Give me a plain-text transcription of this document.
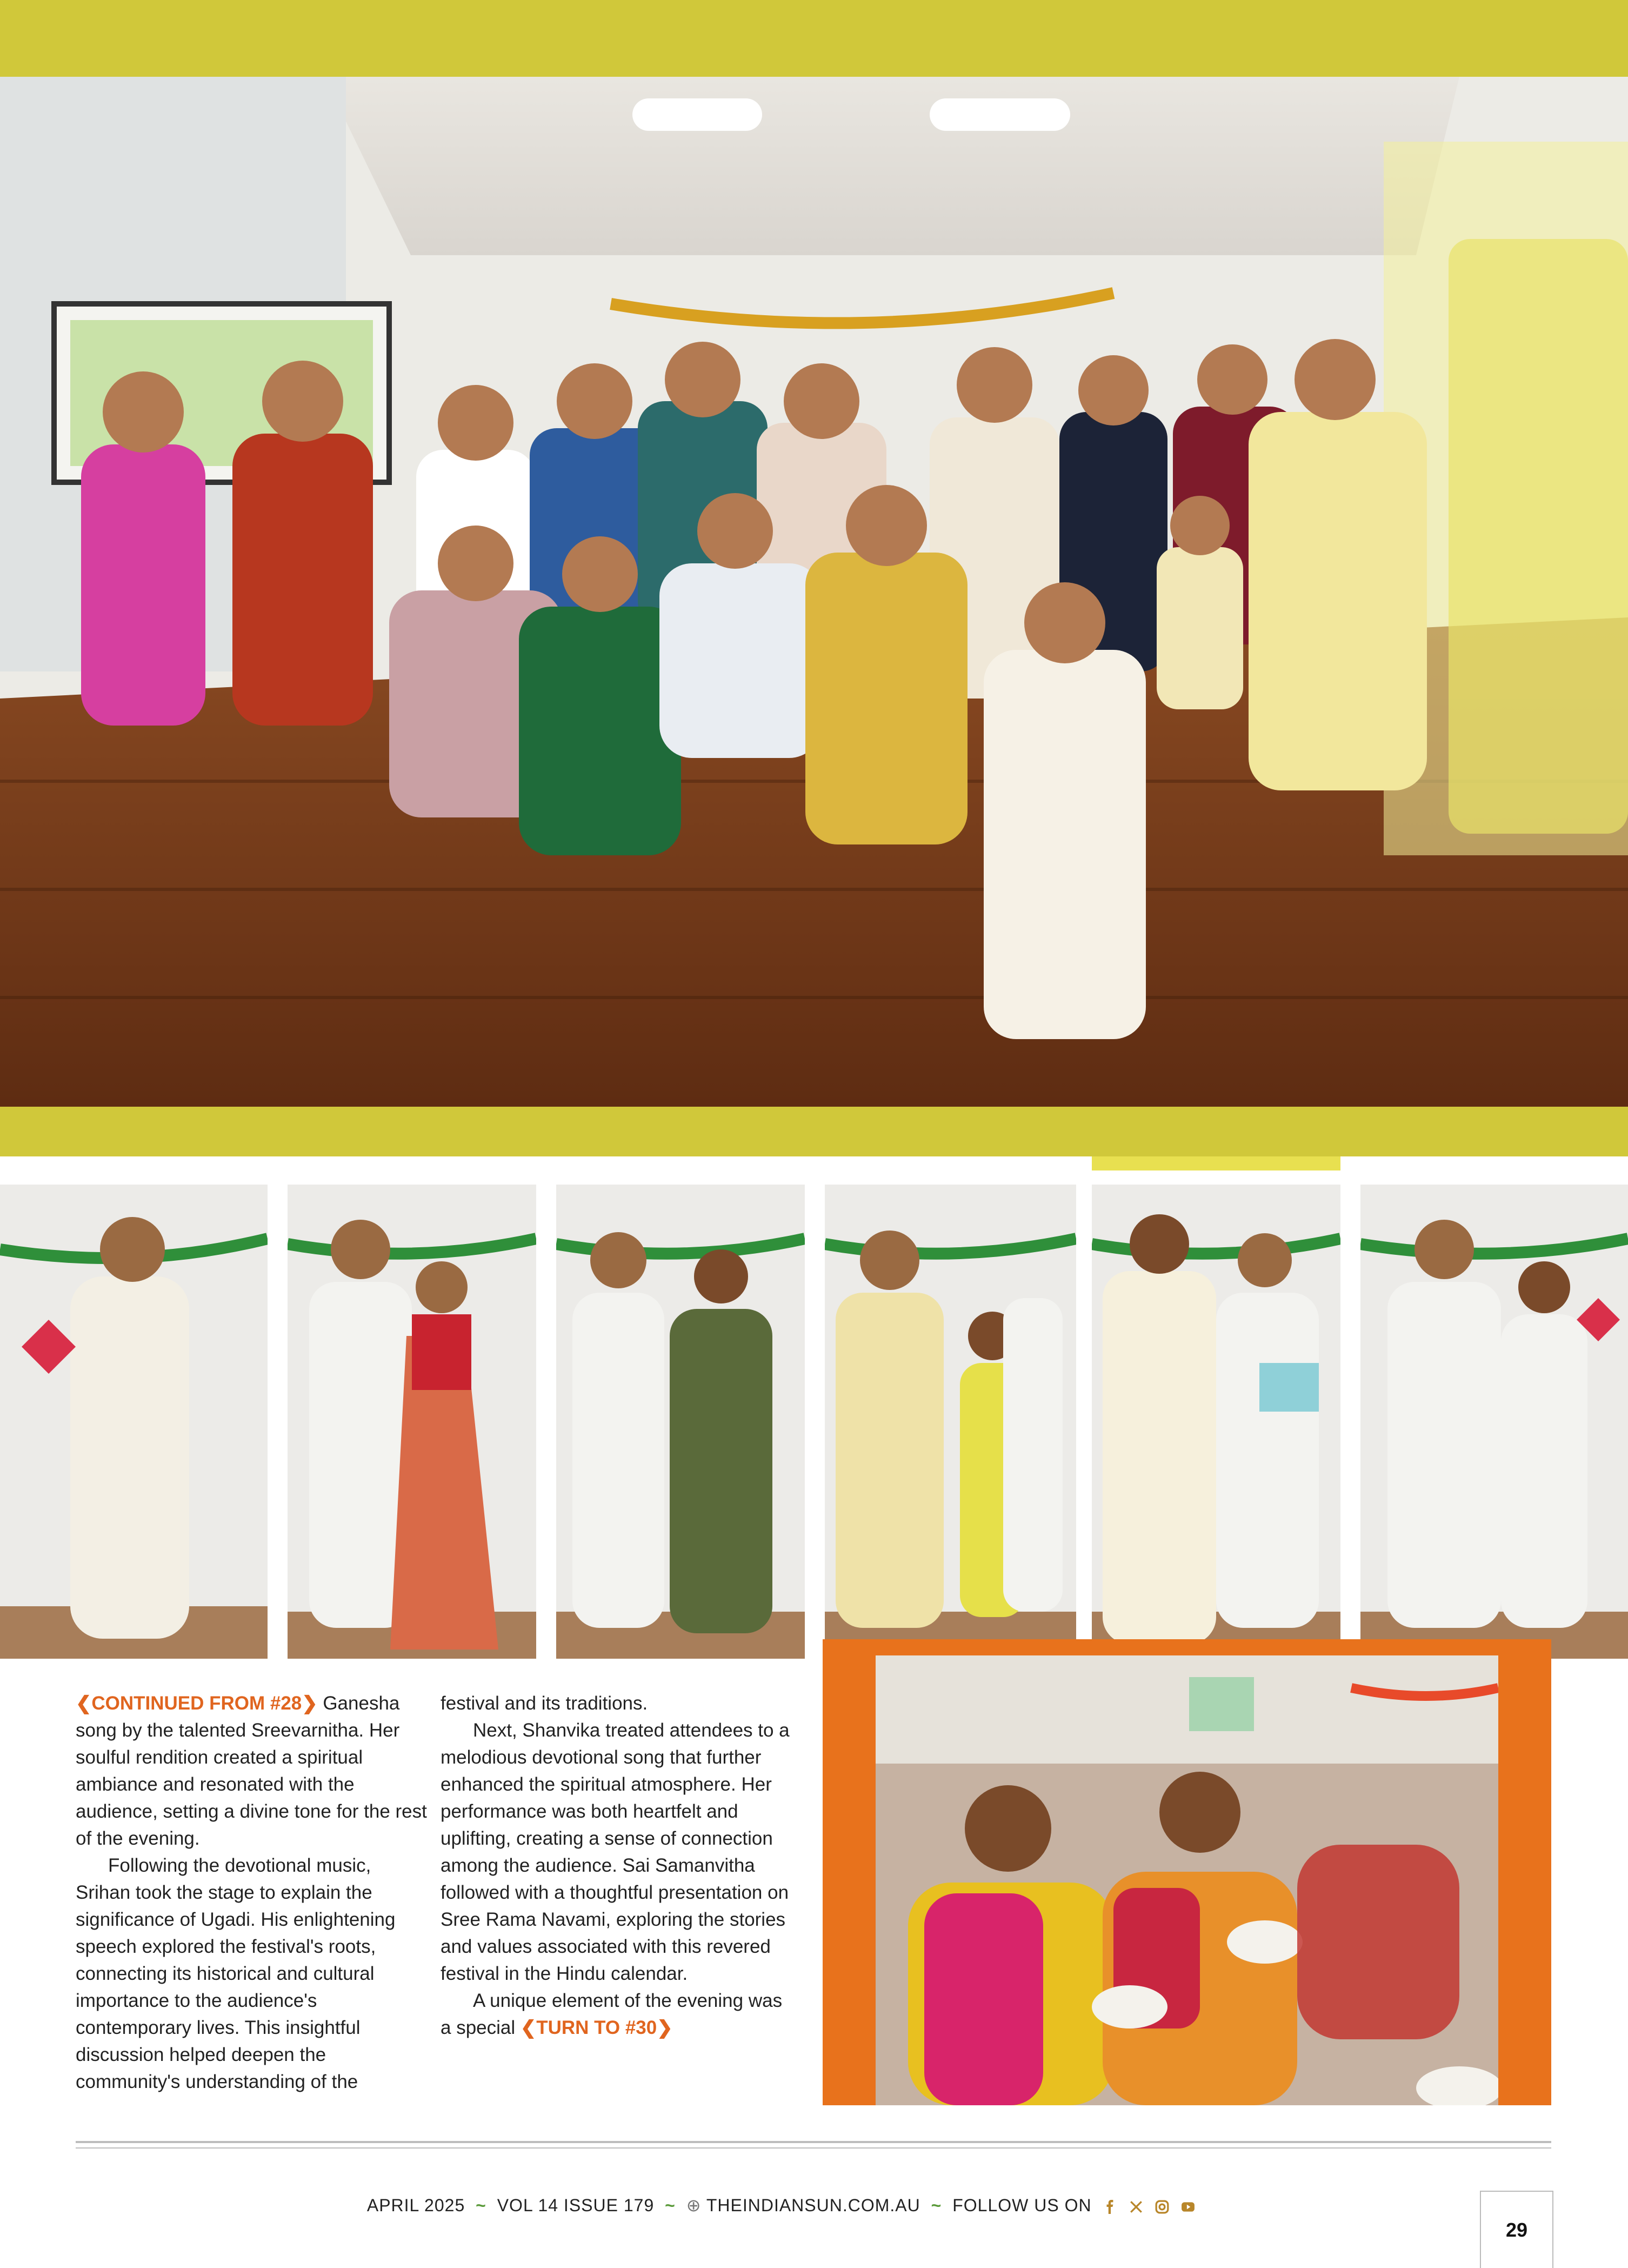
❮CONTINUED FROM #28❯ Ganesha song by the talented Sreevarnitha. Her soulful rendition created a spiritual ambiance and resonated with the audience, setting a divine tone for the rest of the evening.

Following the devotional music, Srihan took the stage to explain the significance of Ugadi. His enlightening speech explored the festival's roots, connecting its historical and cultural importance to the audience's contemporary lives. This insightful discussion helped deepen the community's understanding of the

festival and its traditions.

Next, Shanvika treated attendees to a melodious devotional song that further enhanced the spiritual atmosphere. Her performance was both heartfelt and uplifting, creating a sense of connection among the audience. Sai Samanvitha followed with a thoughtful presentation on Sree Rama Navami, exploring the stories and values associated with this revered festival in the Hindu calendar.

A unique element of the evening was a special ❮TURN TO #30❯

APRIL 2025 ~ VOL 14 ISSUE 179 ~ ⊕ THEINDIANSUN.COM.AU ~ FOLLOW US ON
29
